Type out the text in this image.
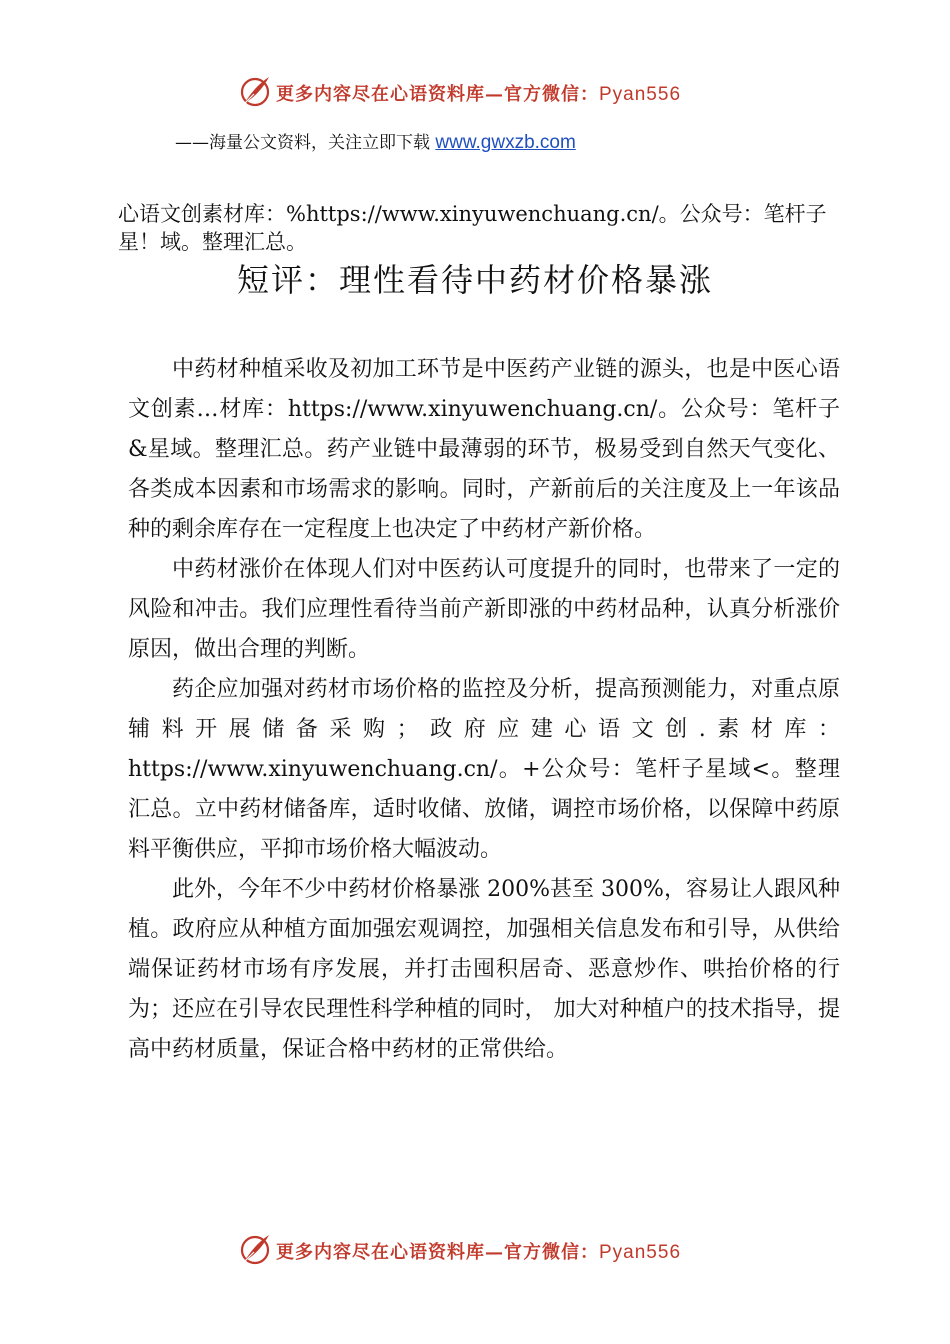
更多内容尽在心语资料库—官方微信：Pyan556
——海量公文资料，关注立即下载 www.gwxzb.com

心语文创素材库：%https://www.xinyuwenchuang.cn/。公众号：笔杆子星！域。整理汇总。

短评：理性看待中药材价格暴涨

中药材种植采收及初加工环节是中医药产业链的源头，也是中医心语文创素…材库：https://www.xinyuwenchuang.cn/。公众号：笔杆子&星域。整理汇总。药产业链中最薄弱的环节，极易受到自然天气变化、各类成本因素和市场需求的影响。同时，产新前后的关注度及上一年该品种的剩余库存在一定程度上也决定了中药材产新价格。

中药材涨价在体现人们对中医药认可度提升的同时，也带来了一定的风险和冲击。我们应理性看待当前产新即涨的中药材品种，认真分析涨价原因，做出合理的判断。

药企应加强对药材市场价格的监控及分析，提高预测能力，对重点原辅料开展储备采购；政府应建心语文创.素材库：https://www.xinyuwenchuang.cn/。+公众号：笔杆子星域<。整理汇总。立中药材储备库，适时收储、放储，调控市场价格，以保障中药原料平衡供应，平抑市场价格大幅波动。

此外，今年不少中药材价格暴涨 200%甚至 300%，容易让人跟风种植。政府应从种植方面加强宏观调控，加强相关信息发布和引导，从供给端保证药材市场有序发展，并打击囤积居奇、恶意炒作、哄抬价格的行为；还应在引导农民理性科学种植的同时， 加大对种植户的技术指导，提高中药材质量，保证合格中药材的正常供给。

更多内容尽在心语资料库—官方微信：Pyan556
